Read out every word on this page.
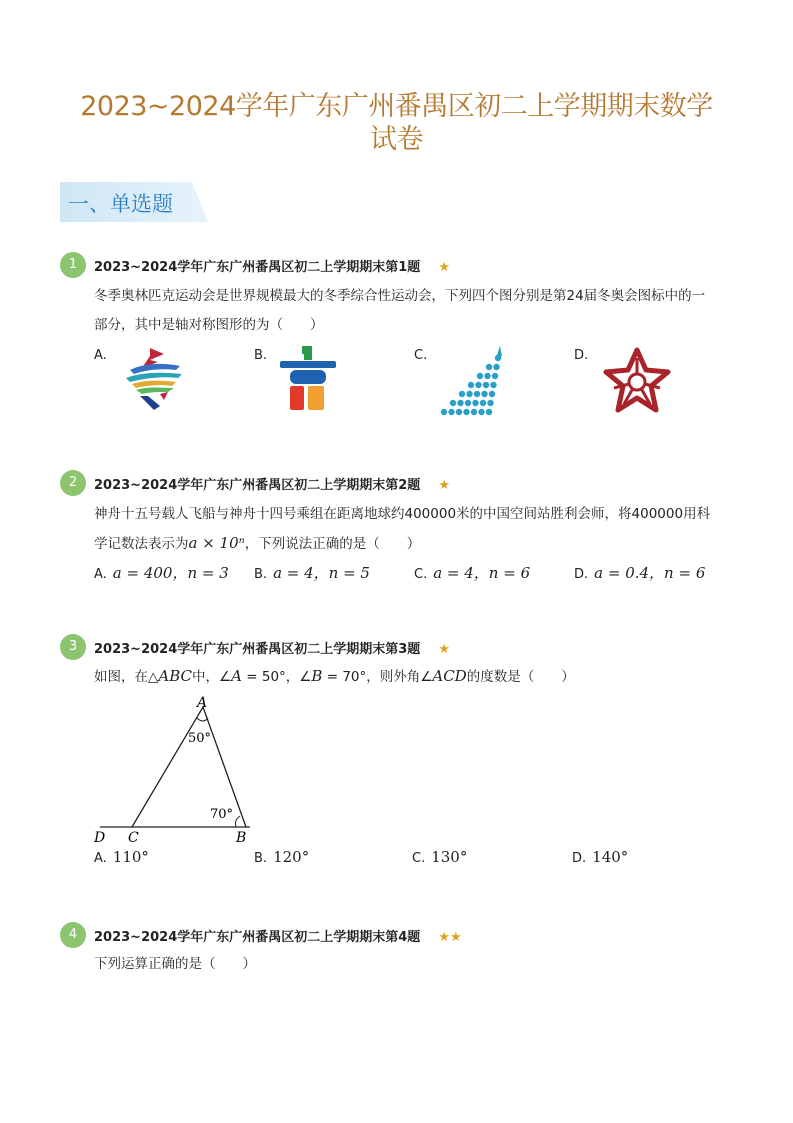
2023~2024学年广东广州番禺区初二上学期期末数学
试卷
一、单选题
1	2023~2024学年广东广州番禺区初二上学期期末第1题 ★
冬季奥林匹克运动会是世界规模最大的冬季综合性运动会，下列四个图分别是第24届冬奥会图标中的一
部分，其中是轴对称图形的为（　　）
A.	B.	C.	D.
2	2023~2024学年广东广州番禺区初二上学期期末第2题 ★
神舟十五号载人飞船与神舟十四号乘组在距离地球约400000米的中国空间站胜利会师，将400000用科
学记数法表示为a × 10ⁿ，下列说法正确的是（　　）
A. a = 400，n = 3 B. a = 4，n = 5	C. a = 4，n = 6	D. a = 0.4，n = 6
3	2023~2024学年广东广州番禺区初二上学期期末第3题 ★
如图，在△ABC中，∠A = 50°，∠B = 70°，则外角∠ACD的度数是（　　）
A
50°
70°
D C	B
A. 110°	B. 120°	C. 130°	D. 140°
4	2023~2024学年广东广州番禺区初二上学期期末第4题 ★★
下列运算正确的是（　　）
